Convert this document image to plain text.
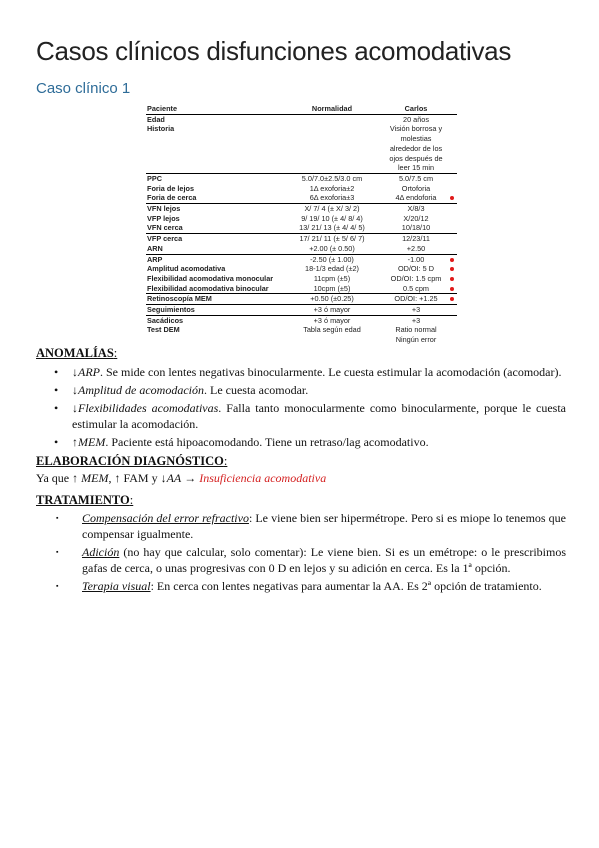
Casos clínicos disfunciones acomodativas
Caso clínico 1
Paciente	Normalidad	Carlos	
Edad		20 años	
Historia		Visión borrosa y molestias alrededor de los ojos después de leer 15 min	
PPC	5.0/7.0±2.5/3.0 cm	5.0/7.5 cm	
Foria de lejos	1Δ exoforia±2	Ortoforia	
Foria de cerca	6Δ exoforia±3	4Δ endoforia	
VFN lejos	X/ 7/ 4 (± X/ 3/ 2)	X/8/3	
VFP lejos	9/ 19/ 10 (± 4/ 8/ 4)	X/20/12	
VFN cerca	13/ 21/ 13 (± 4/ 4/ 5)	10/18/10	
VFP cerca	17/ 21/ 11 (± 5/ 6/ 7)	12/23/11	
ARN	+2.00 (± 0.50)	+2.50	
ARP	-2.50 (± 1.00)	-1.00	
Amplitud acomodativa	18-1/3 edad (±2)	OD/OI: 5 D	
Flexibilidad acomodativa monocular	11cpm (±5)	OD/OI: 1.5 cpm	
Flexibilidad acomodativa binocular	10cpm (±5)	0.5 cpm	
Retinoscopía MEM	+0.50 (±0.25)	OD/OI: +1.25	
Seguimientos	+3 ó mayor	+3	
Sacádicos	+3 ó mayor	+3	
Test DEM	Tabla según edad	Ratio normal Ningún error	
ANOMALÍAS:
• ↓ARP. Se mide con lentes negativas binocularmente. Le cuesta estimular la acomodación (acomodar).
• ↓Amplitud de acomodación. Le cuesta acomodar.
• ↓Flexibilidades acomodativas. Falla tanto monocularmente como binocularmente, porque le cuesta estimular la acomodación.
• ↑MEM. Paciente está hipoacomodando. Tiene un retraso/lag acomodativo.
ELABORACIÓN DIAGNÓSTICO:
Ya que ↑ MEM, ↑ FAM y ↓AA → Insuficiencia acomodativa
TRATAMIENTO:
▪ Compensación del error refractivo: Le viene bien ser hipermétrope. Pero si es miope lo tenemos que compensar igualmente.
▪ Adición (no hay que calcular, solo comentar): Le viene bien. Si es un emétrope: o le prescribimos gafas de cerca, o unas progresivas con 0 D en lejos y su adición en cerca. Es la 1ª opción.
▪ Terapia visual: En cerca con lentes negativas para aumentar la AA. Es 2ª opción de tratamiento.
